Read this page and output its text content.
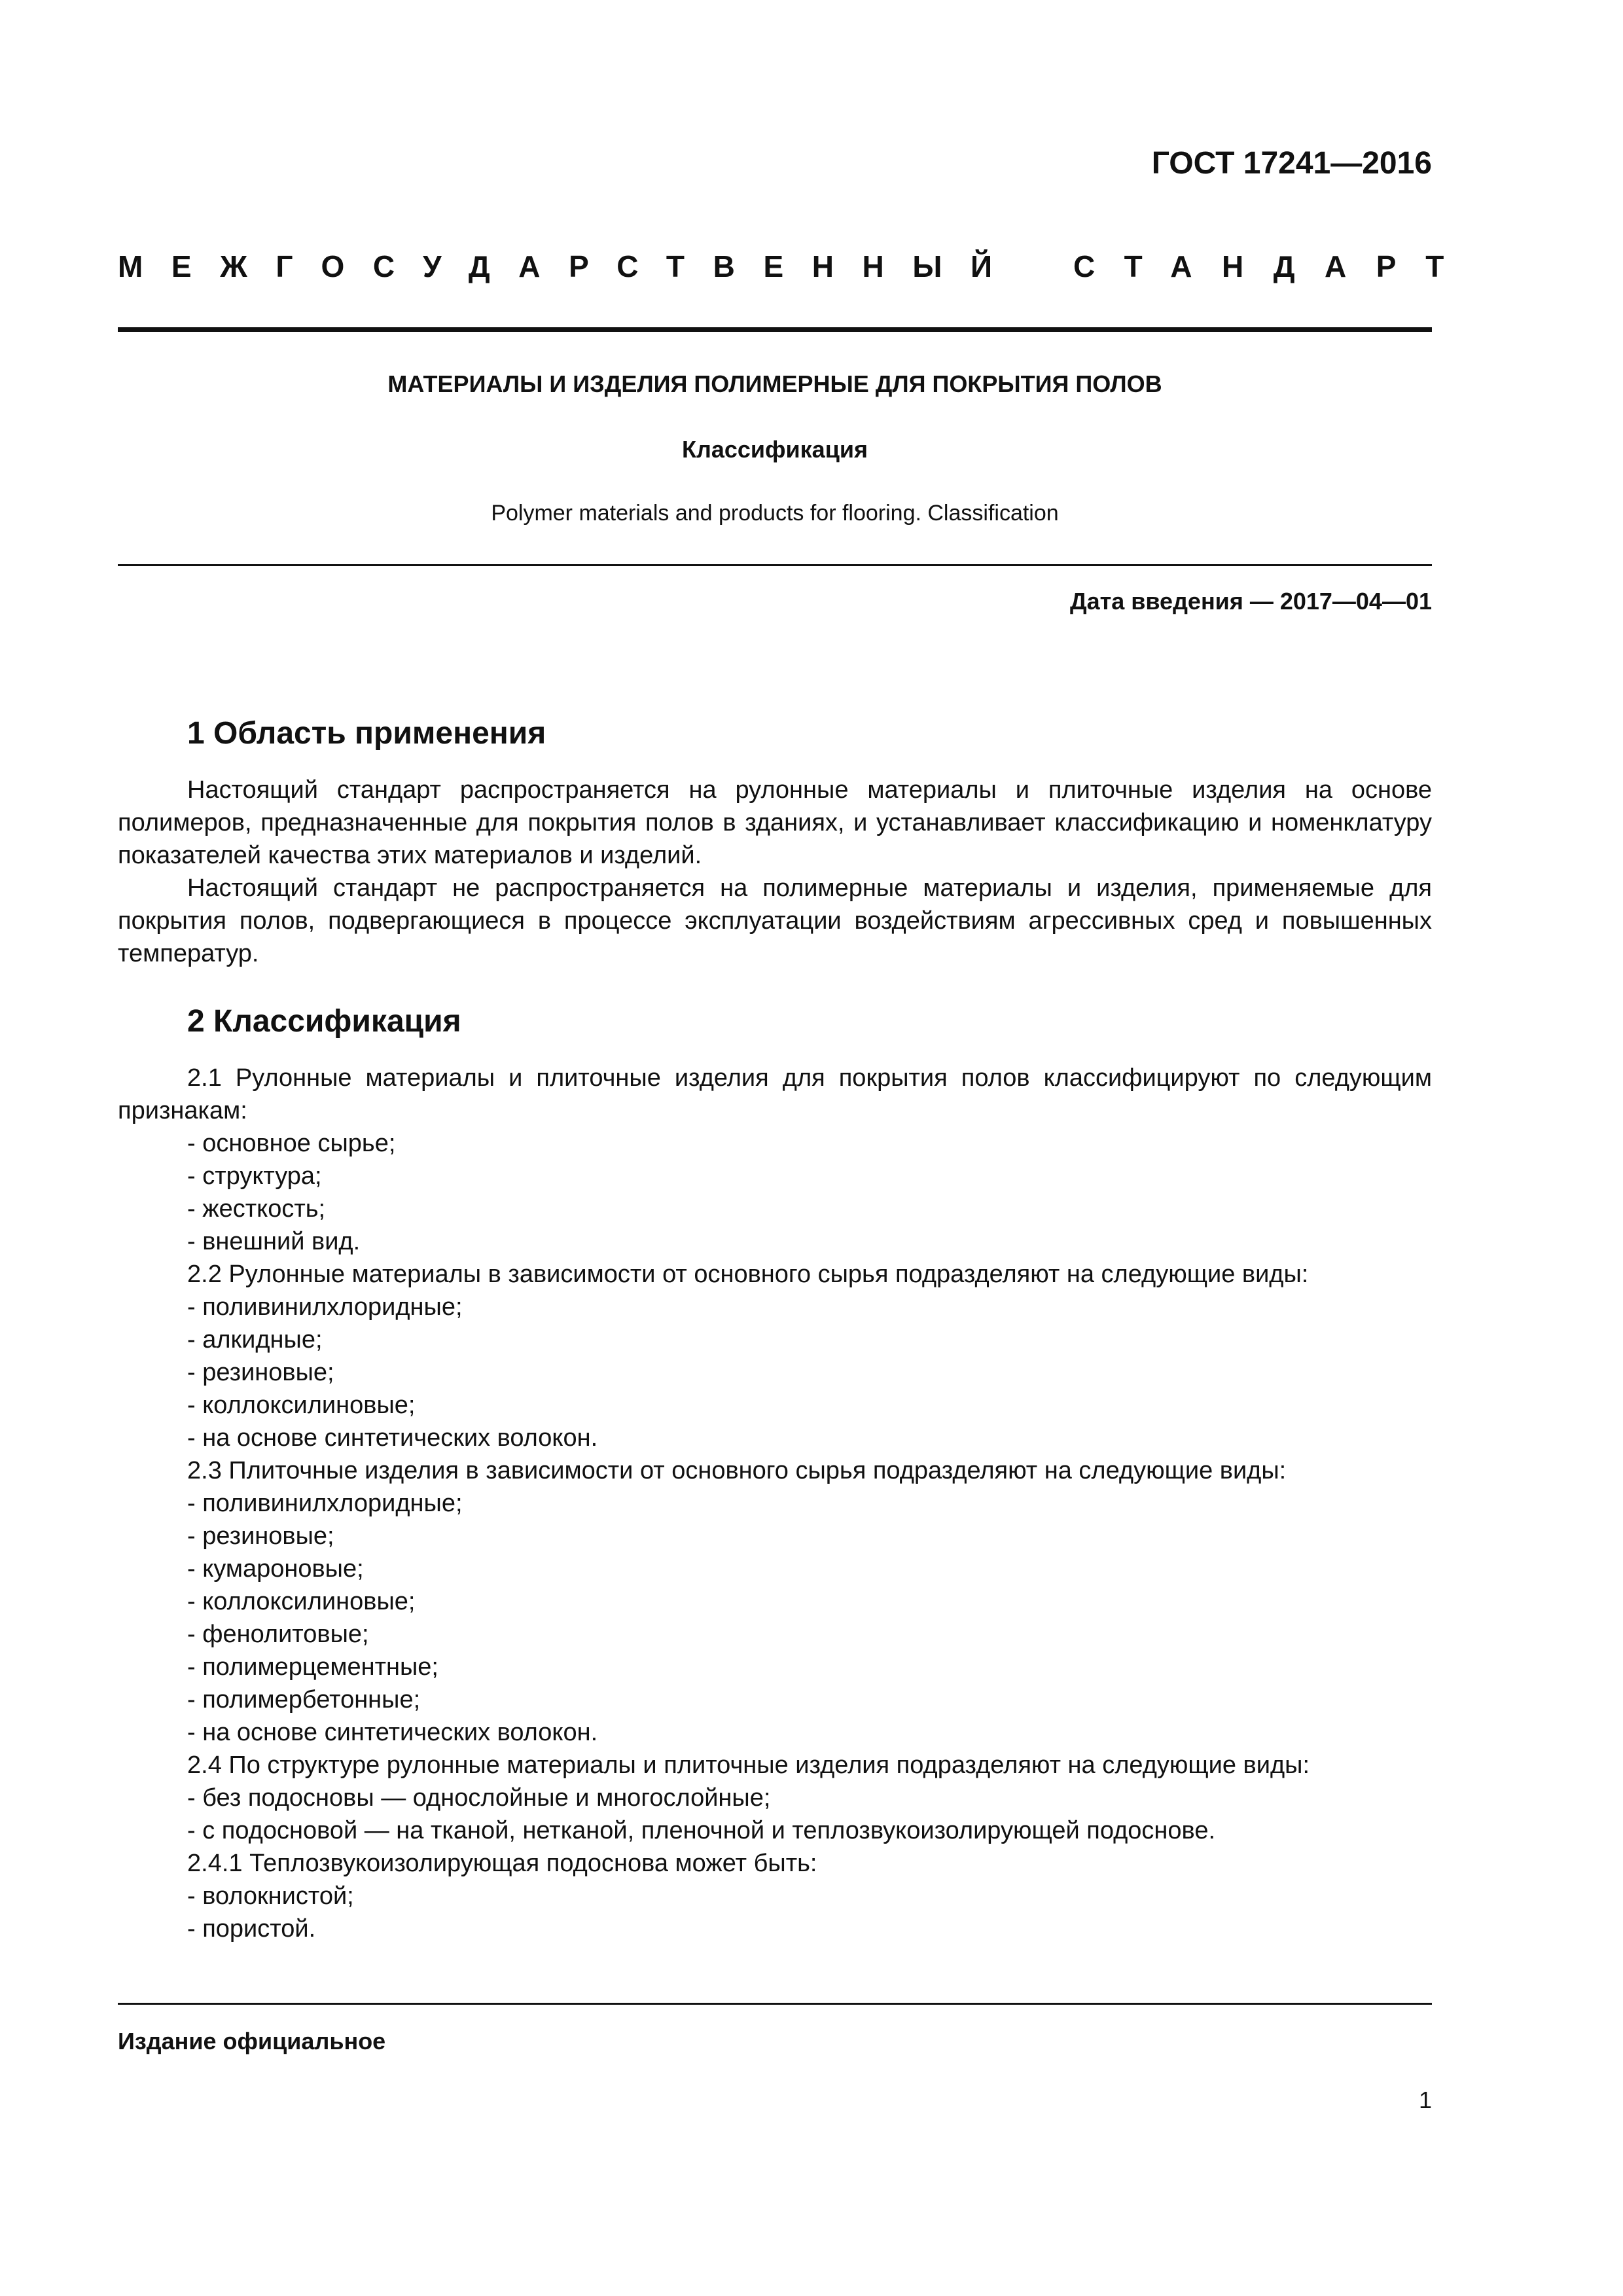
ГОСТ 17241—2016
МЕЖГОСУДАРСТВЕННЫЙ СТАНДАРТ
МАТЕРИАЛЫ И ИЗДЕЛИЯ ПОЛИМЕРНЫЕ ДЛЯ ПОКРЫТИЯ ПОЛОВ
Классификация
Polymer materials and products for flooring. Classification
Дата введения — 2017—04—01
1 Область применения

Настоящий стандарт распространяется на рулонные материалы и плиточные изделия на основе полимеров, предназначенные для покрытия полов в зданиях, и устанавливает классификацию и номенклатуру показателей качества этих материалов и изделий.

Настоящий стандарт не распространяется на полимерные материалы и изделия, применяемые для покрытия полов, подвергающиеся в процессе эксплуатации воздействиям агрессивных сред и повышенных температур.

2 Классификация

2.1 Рулонные материалы и плиточные изделия для покрытия полов классифицируют по следующим признакам:

- основное сырье;
- структура;
- жесткость;
- внешний вид.

2.2 Рулонные материалы в зависимости от основного сырья подразделяют на следующие виды:

- поливинилхлоридные;
- алкидные;
- резиновые;
- коллоксилиновые;
- на основе синтетических волокон.

2.3 Плиточные изделия в зависимости от основного сырья подразделяют на следующие виды:

- поливинилхлоридные;
- резиновые;
- кумароновые;
- коллоксилиновые;
- фенолитовые;
- полимерцементные;
- полимербетонные;
- на основе синтетических волокон.

2.4 По структуре рулонные материалы и плиточные изделия подразделяют на следующие виды:

- без подосновы — однослойные и многослойные;
- с подосновой — на тканой, нетканой, пленочной и теплозвукоизолирующей подоснове.

2.4.1 Теплозвукоизолирующая подоснова может быть:

- волокнистой;
- пористой.
Издание официальное
1
